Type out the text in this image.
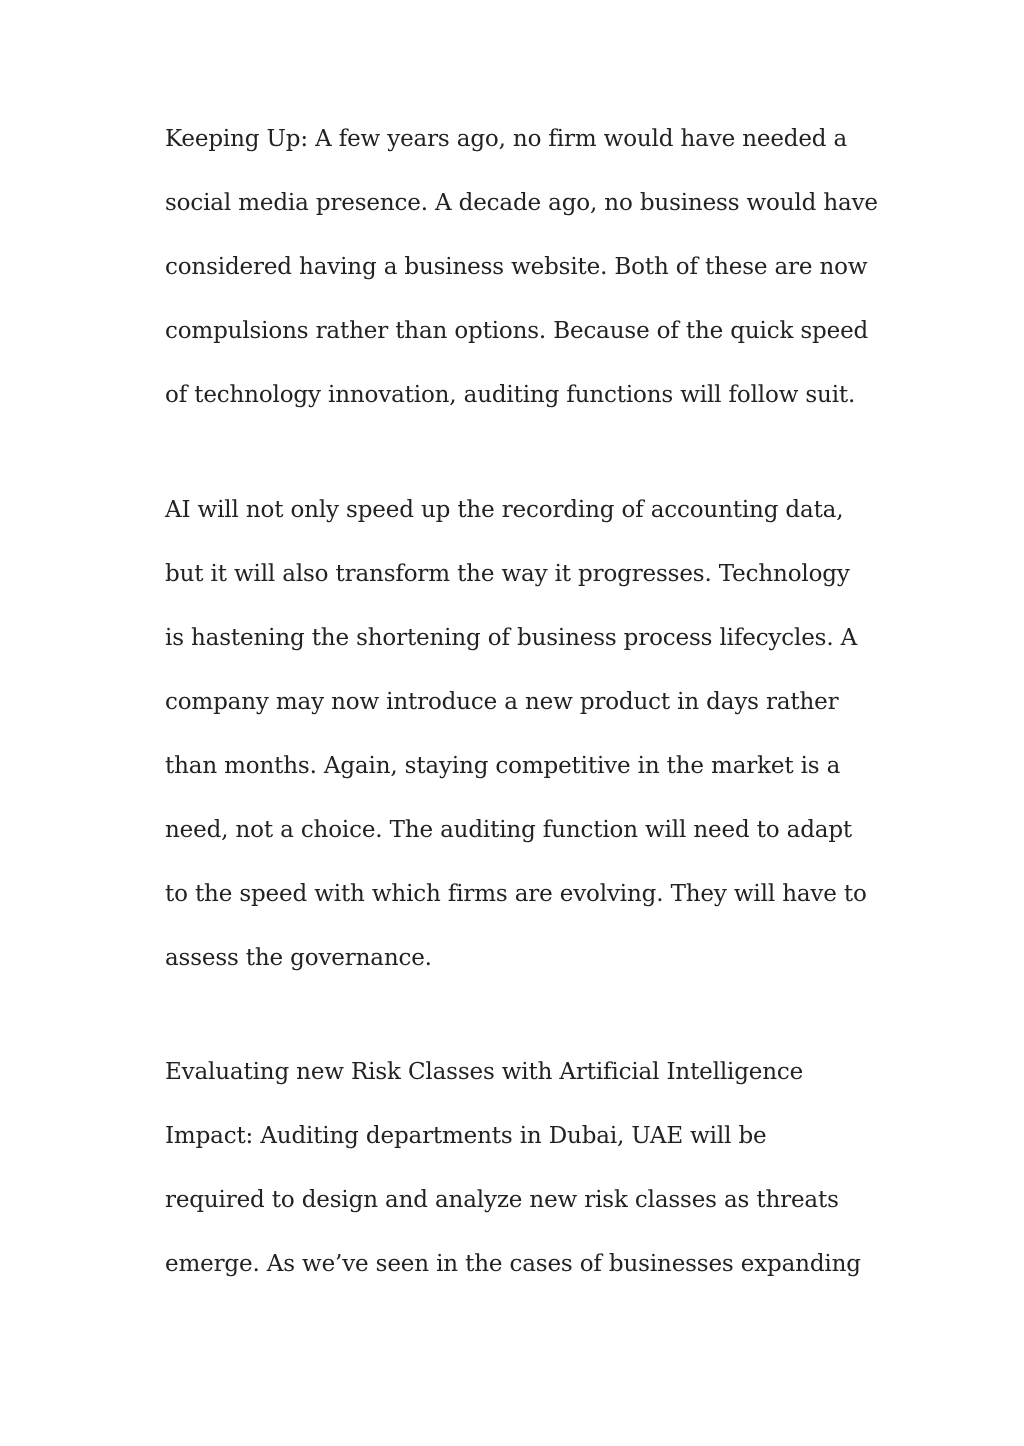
Keeping Up: A few years ago, no firm would have needed a
social media presence. A decade ago, no business would have
considered having a business website. Both of these are now
compulsions rather than options. Because of the quick speed
of technology innovation, auditing functions will follow suit.

AI will not only speed up the recording of accounting data,
but it will also transform the way it progresses. Technology
is hastening the shortening of business process lifecycles. A
company may now introduce a new product in days rather
than months. Again, staying competitive in the market is a
need, not a choice. The auditing function will need to adapt
to the speed with which firms are evolving. They will have to
assess the governance.

Evaluating new Risk Classes with Artificial Intelligence
Impact: Auditing departments in Dubai, UAE will be
required to design and analyze new risk classes as threats
emerge. As we’ve seen in the cases of businesses expanding
